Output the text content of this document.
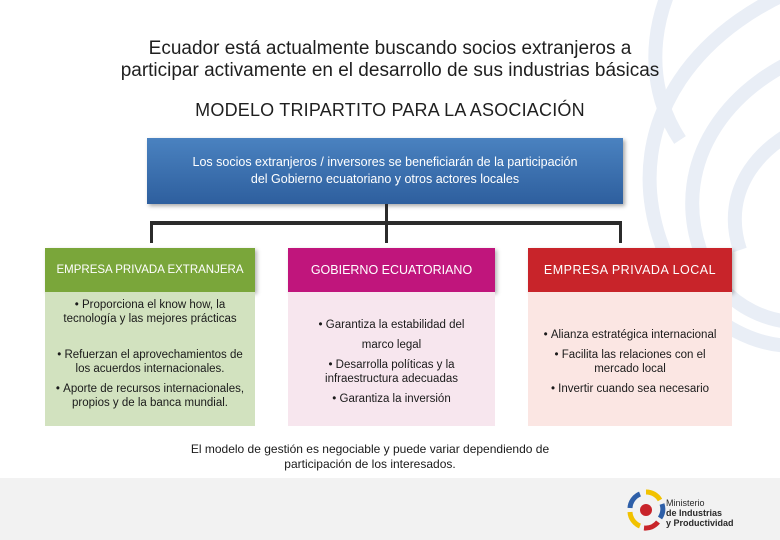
Ecuador está actualmente buscando socios extranjeros a
participar activamente en el desarrollo de sus industrias básicas
MODELO TRIPARTITO PARA LA ASOCIACIÓN
Los socios extranjeros / inversores se beneficiarán de la participación
del Gobierno ecuatoriano y otros actores locales
EMPRESA PRIVADA EXTRANJERA	GOBIERNO ECUATORIANO	EMPRESA PRIVADA LOCAL
• Proporciona el know how, la tecnología y las mejores prácticas
• Refuerzan el aprovechamientos de los acuerdos internacionales.
• Aporte de recursos internacionales, propios y de la banca mundial.
• Garantiza la estabilidad del
marco legal
• Desarrolla políticas y la infraestructura adecuadas
• Garantiza la inversión
• Alianza estratégica internacional
• Facilita las relaciones con el mercado local
• Invertir cuando sea necesario
El modelo de gestión es negociable y puede variar dependiendo de participación de los interesados.
Ministerio
de Industrias
y Productividad
